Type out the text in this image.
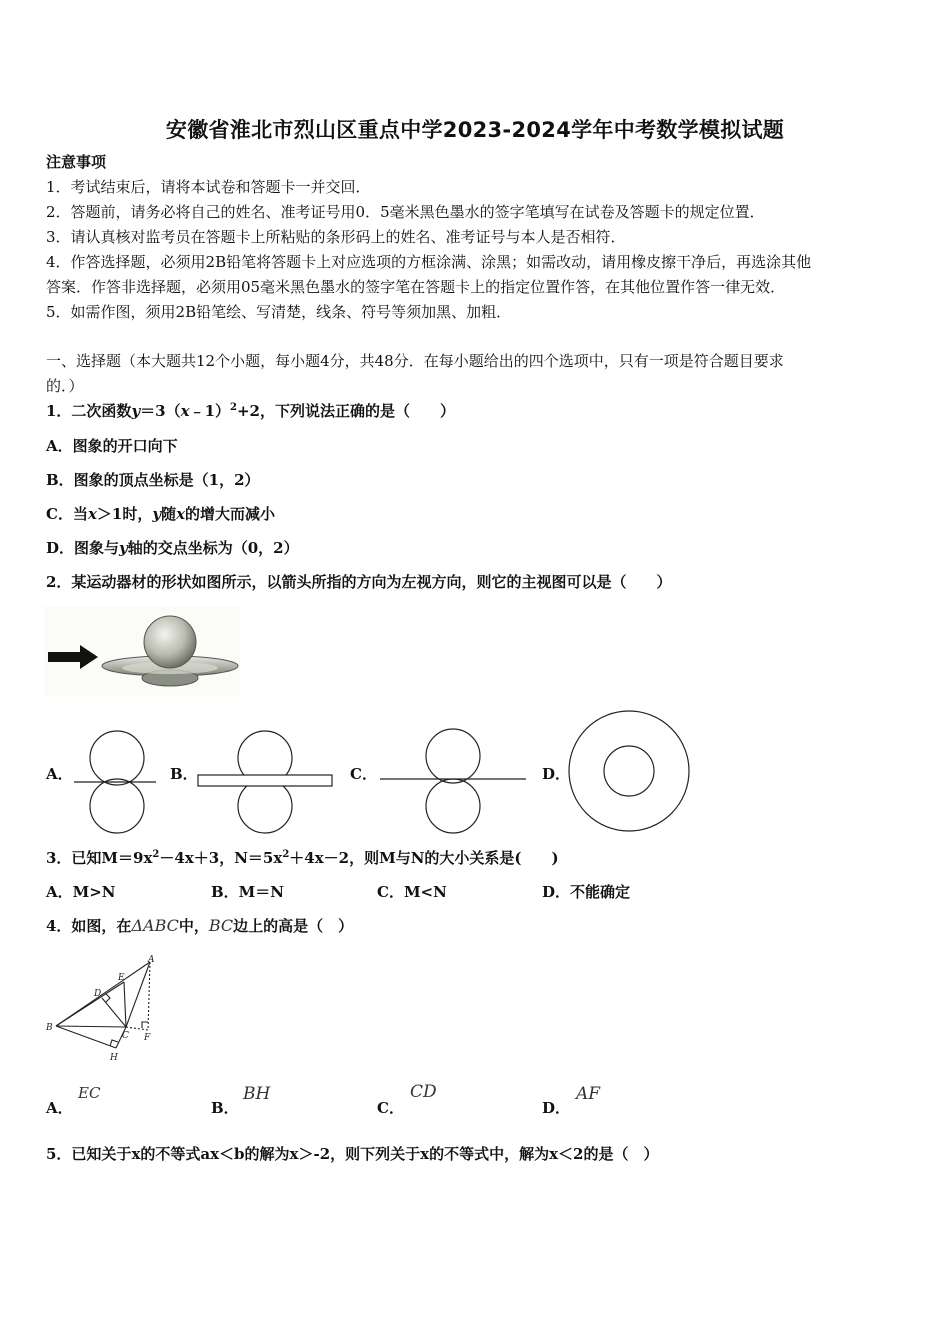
安徽省淮北市烈山区重点中学2023-2024学年中考数学模拟试题
注意事项
1．考试结束后，请将本试卷和答题卡一并交回．
2．答题前，请务必将自己的姓名、准考证号用0．5毫米黑色墨水的签字笔填写在试卷及答题卡的规定位置．
3．请认真核对监考员在答题卡上所粘贴的条形码上的姓名、准考证号与本人是否相符．
4．作答选择题，必须用2B铅笔将答题卡上对应选项的方框涂满、涂黑；如需改动，请用橡皮擦干净后，再选涂其他
答案．作答非选择题，必须用05毫米黑色墨水的签字笔在答题卡上的指定位置作答，在其他位置作答一律无效．
5．如需作图，须用2B铅笔绘、写清楚，线条、符号等须加黑、加粗．
一、选择题（本大题共12个小题，每小题4分，共48分．在每小题给出的四个选项中，只有一项是符合题目要求
的．）
1．二次函数y＝3（x﹣1）$^2$+2，下列说法正确的是（　　）
A．图象的开口向下
B．图象的顶点坐标是（1，2）
C．当x＞1时，y随x的增大而减小
D．图象与y轴的交点坐标为（0，2）
2．某运动器材的形状如图所示，以箭头所指的方向为左视方向，则它的主视图可以是（　　）
A．	B．	C．	D．
3．已知$M=9x^2-4x+3$，$N=5x^2+4x-2$，则M与N的大小关系是(　　)
A．M>N	B．M＝N	C．M<N	D．不能确定
4．如图，在ΔABC中，BC边上的高是（　）
A
E
D
B
C F
H
A．
EC
B．
BH
C．
CD
D．
AF
5．已知关于x的不等式ax＜b的解为x＞-2，则下列关于x的不等式中，解为x＜2的是（　）
